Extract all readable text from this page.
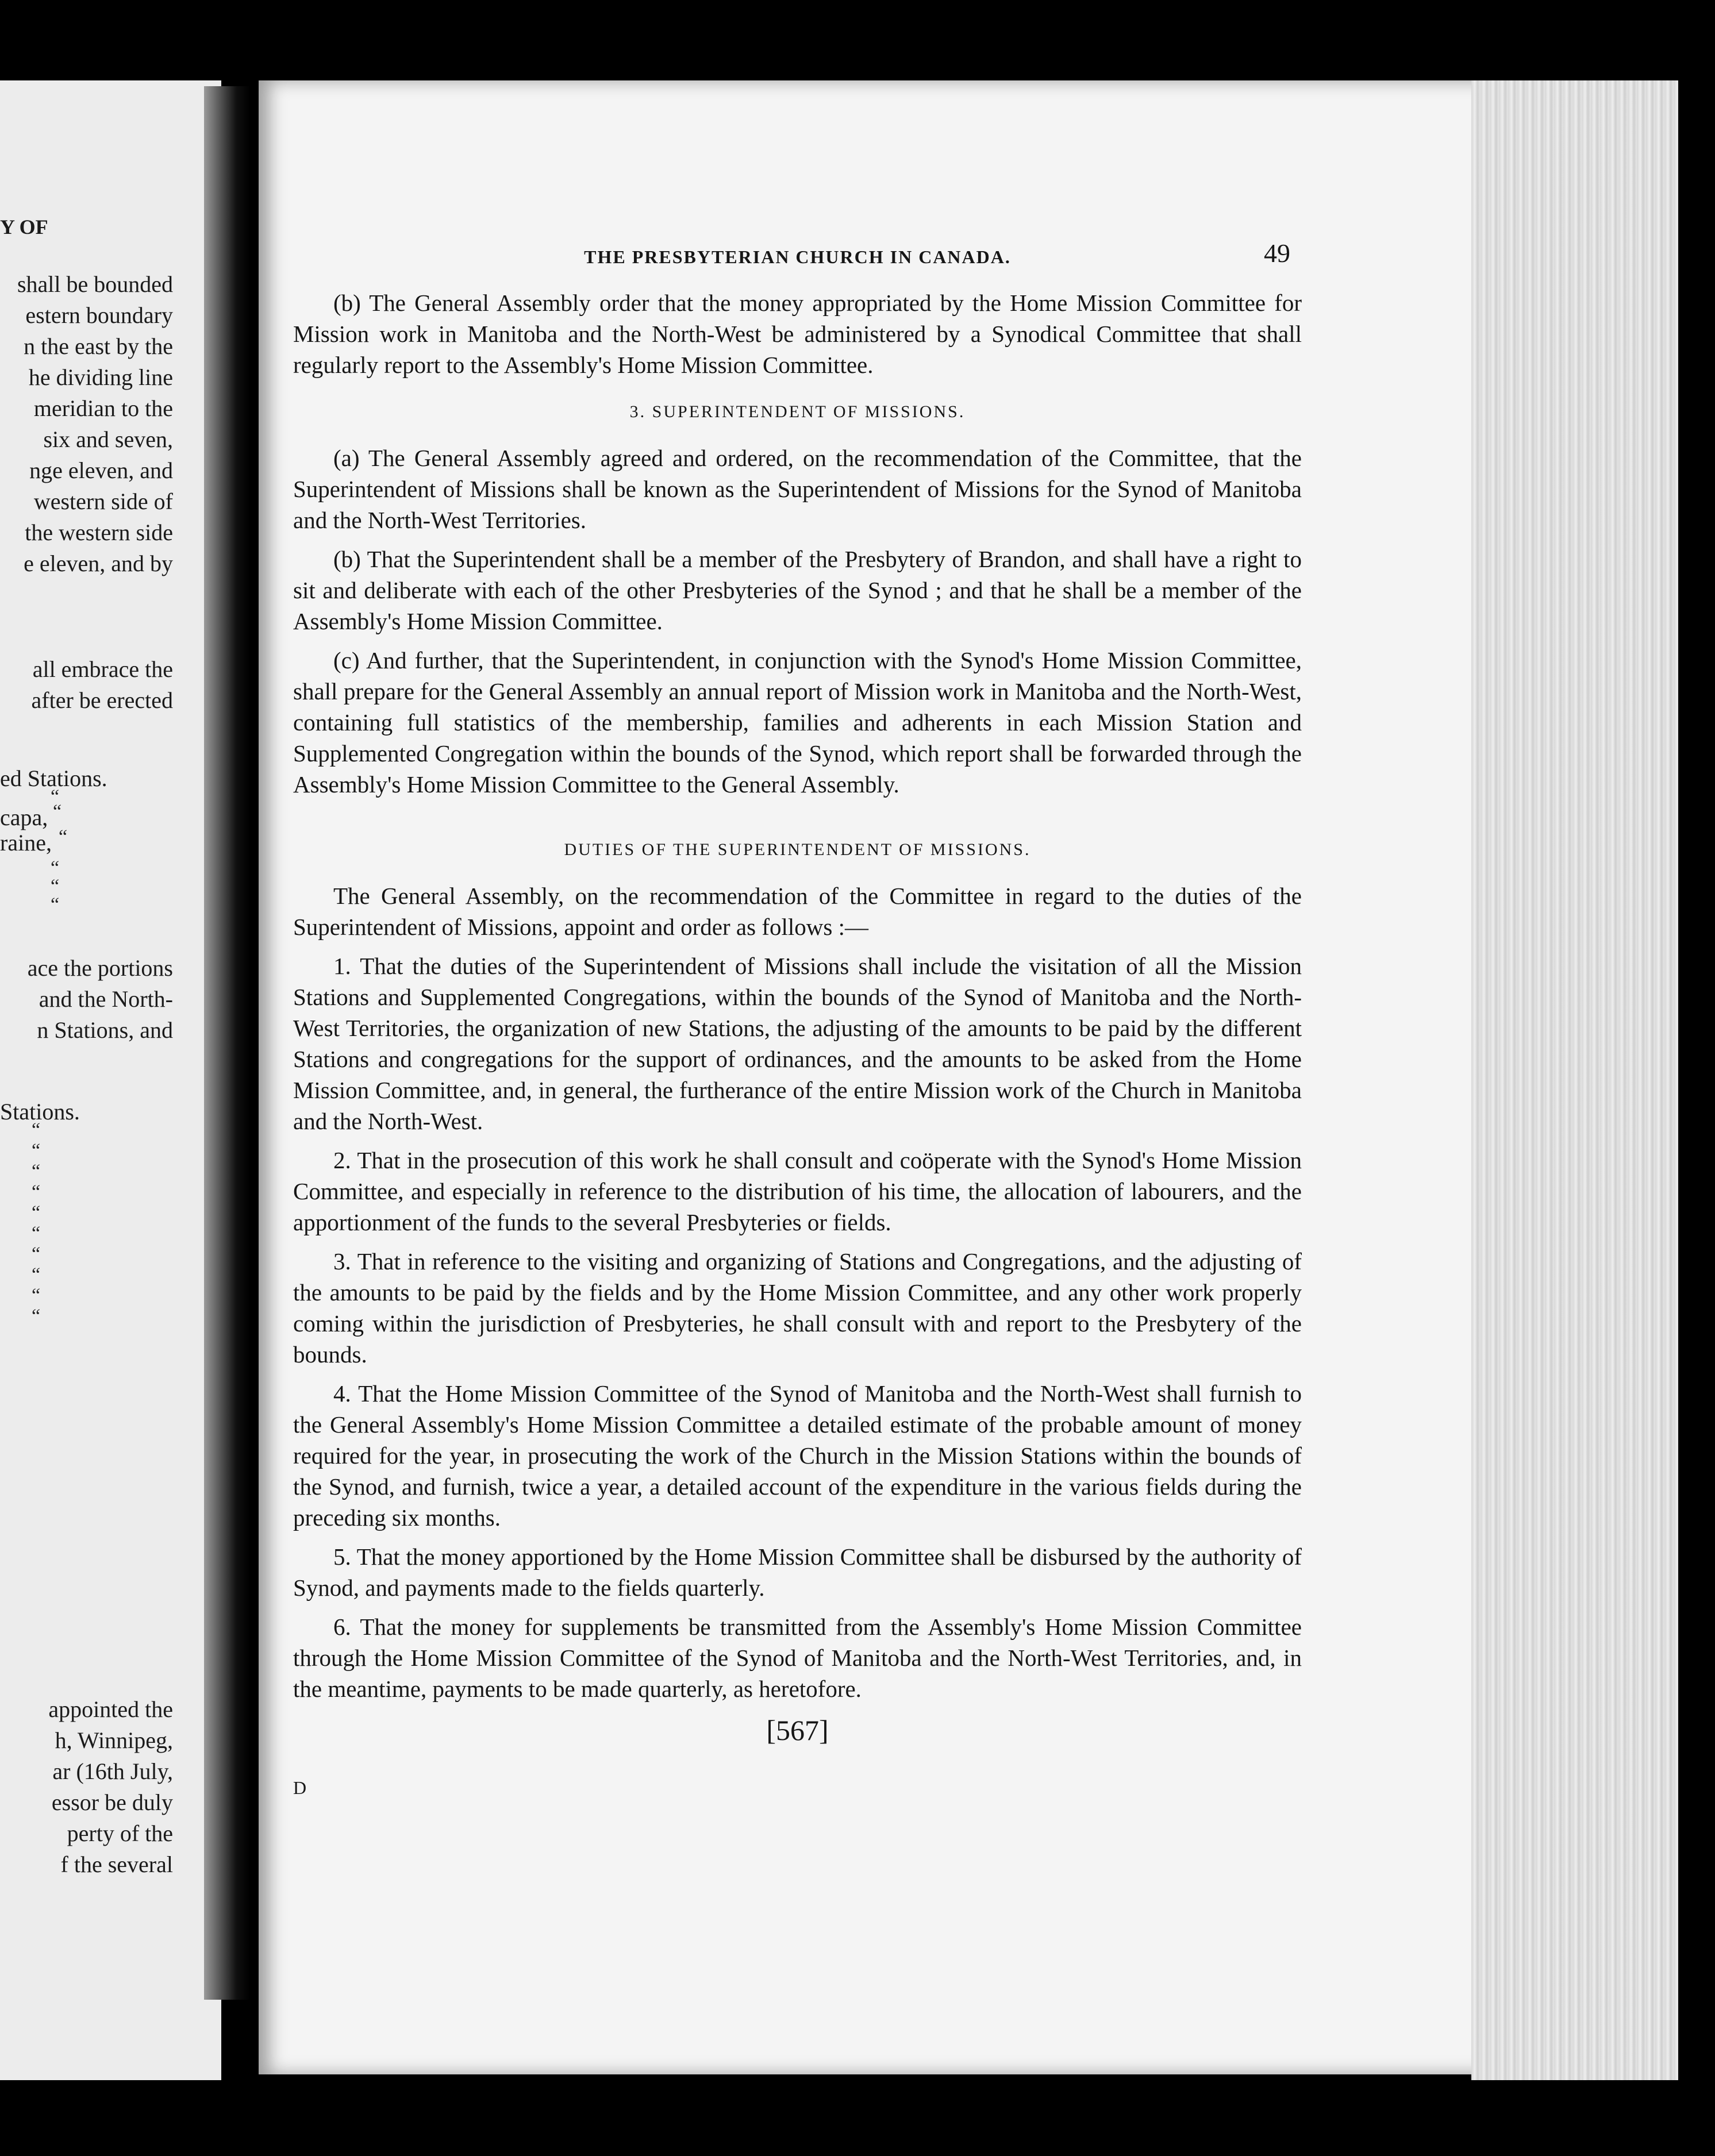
Y OF
shall be bounded
estern boundary
n the east by the
he dividing line
meridian to the
six and seven,
nge eleven, and
western side of
the western side
e eleven, and by
all embrace the
after be erected
ed Stations.
“
capa, “
raine, “
“
“
“
ace the portions
and the North-
n Stations, and
Stations.
“
“
“
“
“
“
“
“
“
“
appointed the
h, Winnipeg,
ar (16th July,
essor be duly
perty of the
f the several
THE PRESBYTERIAN CHURCH IN CANADA.	49

(b) The General Assembly order that the money appropriated by the Home Mission Committee for Mission work in Manitoba and the North-West be administered by a Synodical Committee that shall regularly report to the Assembly's Home Mission Committee.

3. SUPERINTENDENT OF MISSIONS.

(a) The General Assembly agreed and ordered, on the recommendation of the Committee, that the Superintendent of Missions shall be known as the Superintendent of Missions for the Synod of Manitoba and the North-West Territories.

(b) That the Superintendent shall be a member of the Presbytery of Brandon, and shall have a right to sit and deliberate with each of the other Presbyteries of the Synod ; and that he shall be a member of the Assembly's Home Mission Committee.

(c) And further, that the Superintendent, in conjunction with the Synod's Home Mission Committee, shall prepare for the General Assembly an annual report of Mission work in Manitoba and the North-West, containing full statistics of the membership, families and adherents in each Mission Station and Supplemented Congregation within the bounds of the Synod, which report shall be forwarded through the Assembly's Home Mission Committee to the General Assembly.

DUTIES OF THE SUPERINTENDENT OF MISSIONS.

The General Assembly, on the recommendation of the Committee in regard to the duties of the Superintendent of Missions, appoint and order as follows :—

1. That the duties of the Superintendent of Missions shall include the visitation of all the Mission Stations and Supplemented Congregations, within the bounds of the Synod of Manitoba and the North-West Territories, the organization of new Stations, the adjusting of the amounts to be paid by the different Stations and congregations for the support of ordinances, and the amounts to be asked from the Home Mission Committee, and, in general, the furtherance of the entire Mission work of the Church in Manitoba and the North-West.

2. That in the prosecution of this work he shall consult and coöperate with the Synod's Home Mission Committee, and especially in reference to the distribution of his time, the allocation of labourers, and the apportionment of the funds to the several Presbyteries or fields.

3. That in reference to the visiting and organizing of Stations and Congregations, and the adjusting of the amounts to be paid by the fields and by the Home Mission Committee, and any other work properly coming within the jurisdiction of Presbyteries, he shall consult with and report to the Presbytery of the bounds.

4. That the Home Mission Committee of the Synod of Manitoba and the North-West shall furnish to the General Assembly's Home Mission Committee a detailed estimate of the probable amount of money required for the year, in prosecuting the work of the Church in the Mission Stations within the bounds of the Synod, and furnish, twice a year, a detailed account of the expenditure in the various fields during the preceding six months.

5. That the money apportioned by the Home Mission Committee shall be disbursed by the authority of Synod, and payments made to the fields quarterly.

6. That the money for supplements be transmitted from the Assembly's Home Mission Committee through the Home Mission Committee of the Synod of Manitoba and the North-West Territories, and, in the meantime, payments to be made quarterly, as heretofore.

[567]
D
